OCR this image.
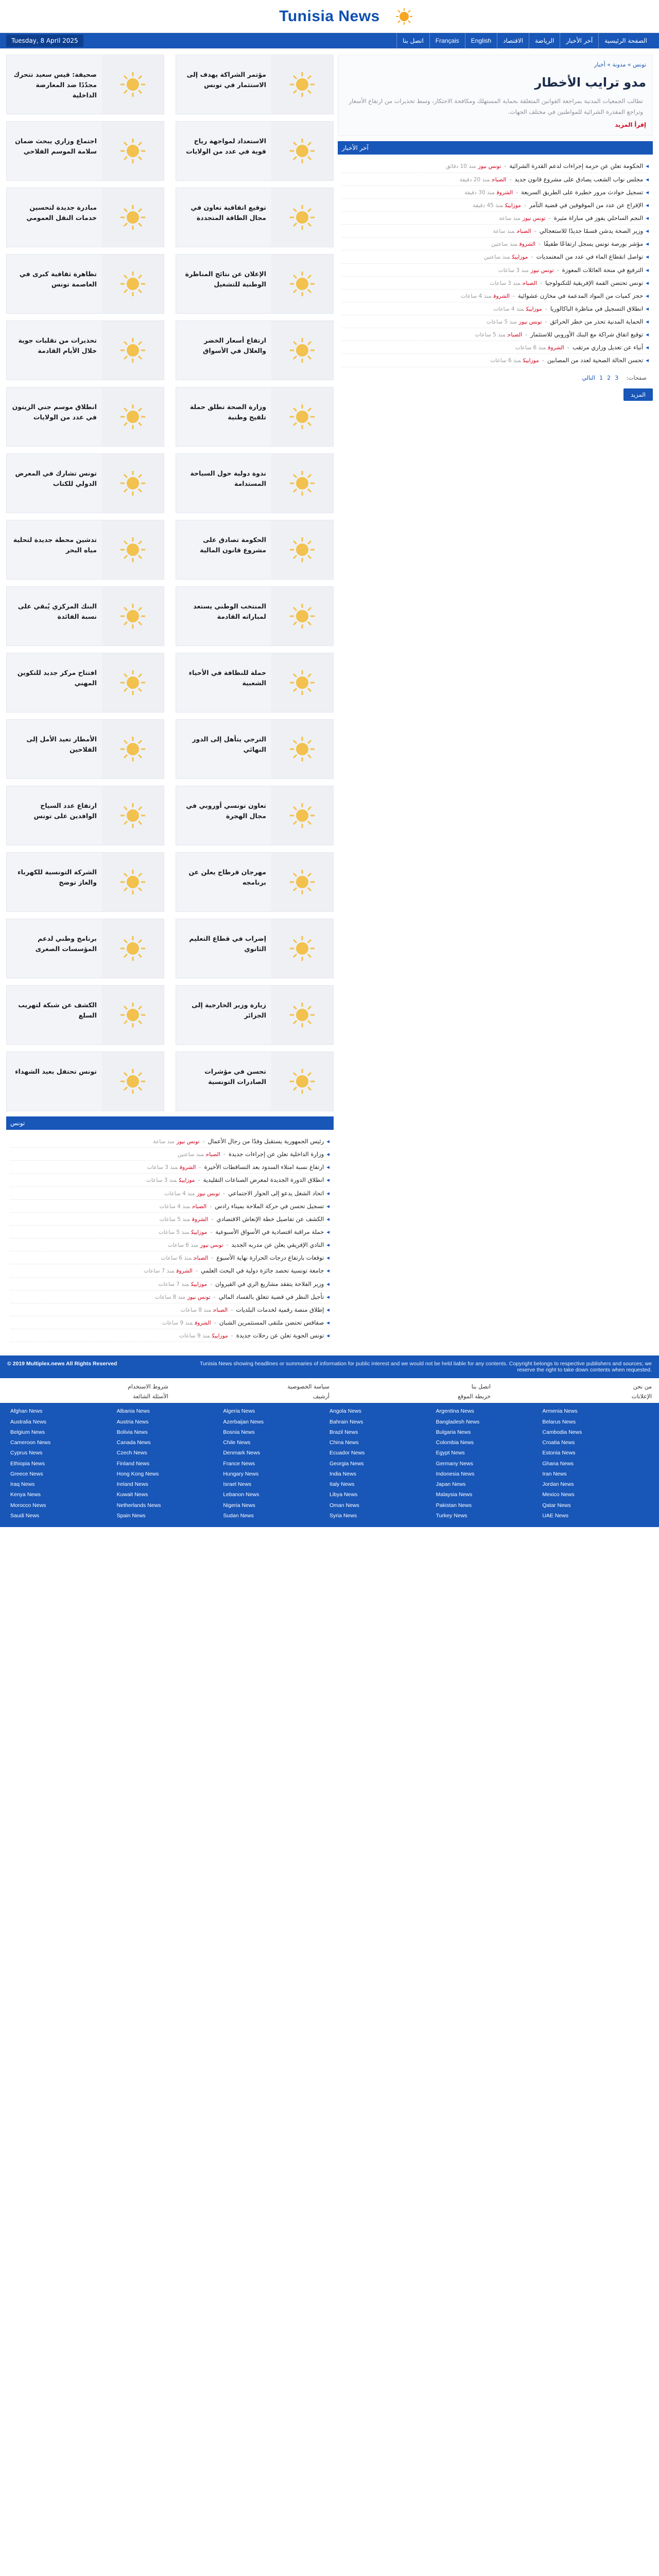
Tunisia News
Tuesday, 8 April 2025	الصفحة الرئيسية
آخر الأخبار
الرياضة
الاقتصاد
English
Français
اتصل بنا
مؤتمر الشراكة يهدف إلى الاستثمار في تونس
صحيفة: قيس سعيد تتحرك مجدّدًا ضد المعارضة الداخلية
الاستعداد لمواجهة رياح قوية في عدد من الولايات
اجتماع وزاري يبحث ضمان سلامة الموسم الفلاحي
توقيع اتفاقية تعاون في مجال الطاقة المتجددة
مبادرة جديدة لتحسين خدمات النقل العمومي
الإعلان عن نتائج المناظرة الوطنية للتشغيل
تظاهرة ثقافية كبرى في العاصمة تونس
ارتفاع أسعار الخضر والغلال في الأسواق
تحذيرات من تقلبات جوية خلال الأيام القادمة
وزارة الصحة تطلق حملة تلقيح وطنية
انطلاق موسم جني الزيتون في عدد من الولايات
ندوة دولية حول السياحة المستدامة
تونس تشارك في المعرض الدولي للكتاب
الحكومة تصادق على مشروع قانون المالية
تدشين محطة جديدة لتحلية مياه البحر
المنتخب الوطني يستعد لمباراته القادمة
البنك المركزي يُبقي على نسبة الفائدة
حملة للنظافة في الأحياء الشعبية
افتتاح مركز جديد للتكوين المهني
الترجي يتأهل إلى الدور النهائي
الأمطار تعيد الأمل إلى الفلاحين
تعاون تونسي أوروبي في مجال الهجرة
ارتفاع عدد السياح الوافدين على تونس
مهرجان قرطاج يعلن عن برنامجه
الشركة التونسية للكهرباء والغاز توضح
إضراب في قطاع التعليم الثانوي
برنامج وطني لدعم المؤسسات الصغرى
زيارة وزير الخارجية إلى الجزائر
الكشف عن شبكة لتهريب السلع
تحسن في مؤشرات الصادرات التونسية
تونس تحتفل بعيد الشهداء
تونس
◂رئيس الجمهورية يستقبل وفدًا من رجال الأعمال-تونس نيوزمنذ ساعة
◂وزارة الداخلية تعلن عن إجراءات جديدة-الصباحمنذ ساعتين
◂ارتفاع نسبة امتلاء السدود بعد التساقطات الأخيرة-الشروقمنذ 3 ساعات
◂انطلاق الدورة الجديدة لمعرض الصناعات التقليدية-موزاييكمنذ 3 ساعات
◂اتحاد الشغل يدعو إلى الحوار الاجتماعي-تونس نيوزمنذ 4 ساعات
◂تسجيل تحسن في حركة الملاحة بميناء رادس-الصباحمنذ 4 ساعات
◂الكشف عن تفاصيل خطة الإنعاش الاقتصادي-الشروقمنذ 5 ساعات
◂حملة مراقبة اقتصادية في الأسواق الأسبوعية-موزاييكمنذ 5 ساعات
◂النادي الإفريقي يعلن عن مدربه الجديد-تونس نيوزمنذ 6 ساعات
◂توقعات بارتفاع درجات الحرارة نهاية الأسبوع-الصباحمنذ 6 ساعات
◂جامعة تونسية تحصد جائزة دولية في البحث العلمي-الشروقمنذ 7 ساعات
◂وزير الفلاحة يتفقد مشاريع الري في القيروان-موزاييكمنذ 7 ساعات
◂تأجيل النظر في قضية تتعلق بالفساد المالي-تونس نيوزمنذ 8 ساعات
◂إطلاق منصة رقمية لخدمات البلديات-الصباحمنذ 8 ساعات
◂صفاقس تحتضن ملتقى المستثمرين الشبان-الشروقمنذ 9 ساعات
◂تونس الجوية تعلن عن رحلات جديدة-موزاييكمنذ 9 ساعات
تونس » مدونة » أخبار
مدو ترايب الأخطار

تطالب الجمعيات المدنية بمراجعة القوانين المتعلقة بحماية المستهلك ومكافحة الاحتكار، وسط تحذيرات من ارتفاع الأسعار وتراجع المقدرة الشرائية للمواطنين في مختلف الجهات.

إقرأ المزيد
آخر الأخبار
◂الحكومة تعلن عن حزمة إجراءات لدعم القدرة الشرائية-تونس نيوزمنذ 10 دقائق
◂مجلس نواب الشعب يصادق على مشروع قانون جديد-الصباحمنذ 20 دقيقة
◂تسجيل حوادث مرور خطيرة على الطريق السريعة-الشروقمنذ 30 دقيقة
◂الإفراج عن عدد من الموقوفين في قضية التآمر-موزاييكمنذ 45 دقيقة
◂النجم الساحلي يفوز في مباراة مثيرة-تونس نيوزمنذ ساعة
◂وزير الصحة يدشن قسمًا جديدًا للاستعجالي-الصباحمنذ ساعة
◂مؤشر بورصة تونس يسجل ارتفاعًا طفيفًا-الشروقمنذ ساعتين
◂تواصل انقطاع الماء في عدد من المعتمديات-موزاييكمنذ ساعتين
◂الترفيع في منحة العائلات المعوزة-تونس نيوزمنذ 3 ساعات
◂تونس تحتضن القمة الإفريقية للتكنولوجيا-الصباحمنذ 3 ساعات
◂حجز كميات من المواد المدعمة في مخازن عشوائية-الشروقمنذ 4 ساعات
◂انطلاق التسجيل في مناظرة الباكالوريا-موزاييكمنذ 4 ساعات
◂الحماية المدنية تحذر من خطر الحرائق-تونس نيوزمنذ 5 ساعات
◂توقيع اتفاق شراكة مع البنك الأوروبي للاستثمار-الصباحمنذ 5 ساعات
◂أنباء عن تعديل وزاري مرتقب-الشروقمنذ 6 ساعات
◂تحسن الحالة الصحية لعدد من المصابين-موزاييكمنذ 6 ساعات
صفحات: 1 2 3التالي
المزيد
© 2019 Multiplex.news All Rights Reserved	Tunisia News showing headlines or summaries of information for public interest and we would not be held liable for any contents. Copyright belongs to respective publishers and sources; we reserve the right to take down contents when requested.
من نحن
اتصل بنا
سياسة الخصوصية
شروط الاستخدام
الإعلانات
خريطة الموقع
أرشيف
الأسئلة الشائعة
Afghan News	Albania News	Algeria News	Angola News	Argentina News	Armenia News
Australia News	Austria News	Azerbaijan News	Bahrain News	Bangladesh News	Belarus News
Belgium News	Bolivia News	Bosnia News	Brazil News	Bulgaria News	Cambodia News
Cameroon News	Canada News	Chile News	China News	Colombia News	Croatia News
Cyprus News	Czech News	Denmark News	Ecuador News	Egypt News	Estonia News
Ethiopia News	Finland News	France News	Georgia News	Germany News	Ghana News
Greece News	Hong Kong News	Hungary News	India News	Indonesia News	Iran News
Iraq News	Ireland News	Israel News	Italy News	Japan News	Jordan News
Kenya News	Kuwait News	Lebanon News	Libya News	Malaysia News	Mexico News
Morocco News	Netherlands News	Nigeria News	Oman News	Pakistan News	Qatar News
Saudi News	Spain News	Sudan News	Syria News	Turkey News	UAE News
